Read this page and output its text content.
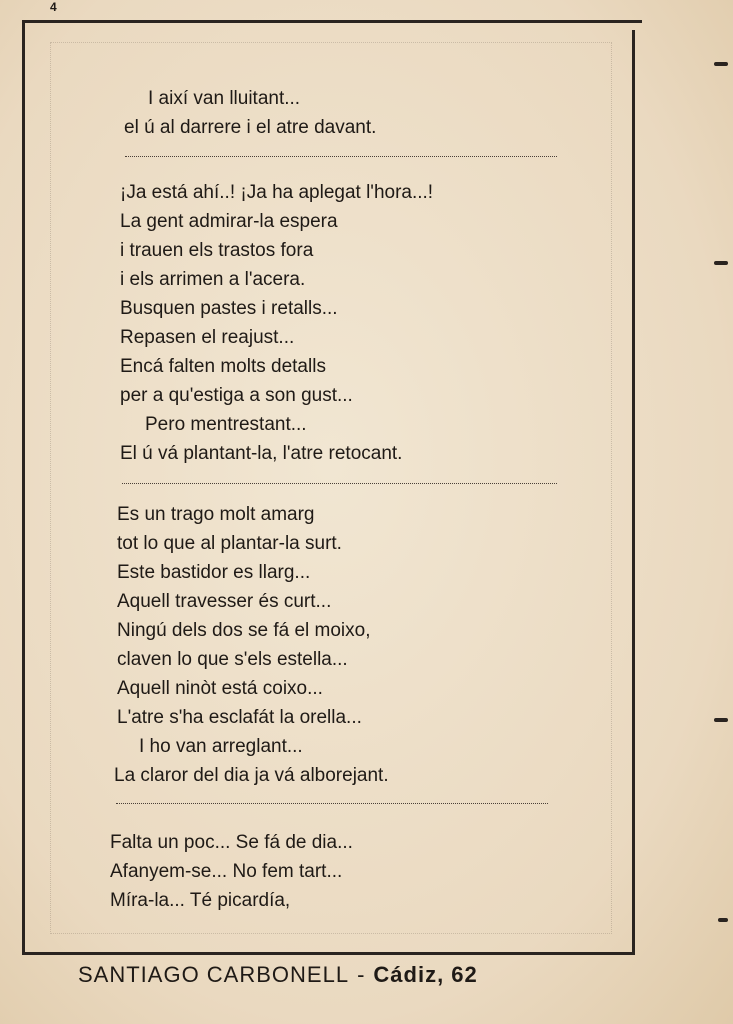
4
I així van lluitant...
el ú al darrere i el atre davant.
¡Ja está ahí..! ¡Ja ha aplegat l'hora...!
La gent admirar-la espera
i trauen els trastos fora
i els arrimen a l'acera.
Busquen pastes i retalls...
Repasen el reajust...
Encá falten molts detalls
per a qu'estiga a son gust...
Pero mentrestant...
El ú vá plantant-la, l'atre retocant.
Es un trago molt amarg
tot lo que al plantar-la surt.
Este bastidor es llarg...
Aquell travesser és curt...
Ningú dels dos se fá el moixo,
claven lo que s'els estella...
Aquell ninòt está coixo...
L'atre s'ha esclafát la orella...
I ho van arreglant...
La claror del dia ja vá alborejant.
Falta un poc... Se fá de dia...
Afanyem-se... No fem tart...
Míra-la... Té picardía,
SANTIAGO CARBONELL - Cádiz, 62
